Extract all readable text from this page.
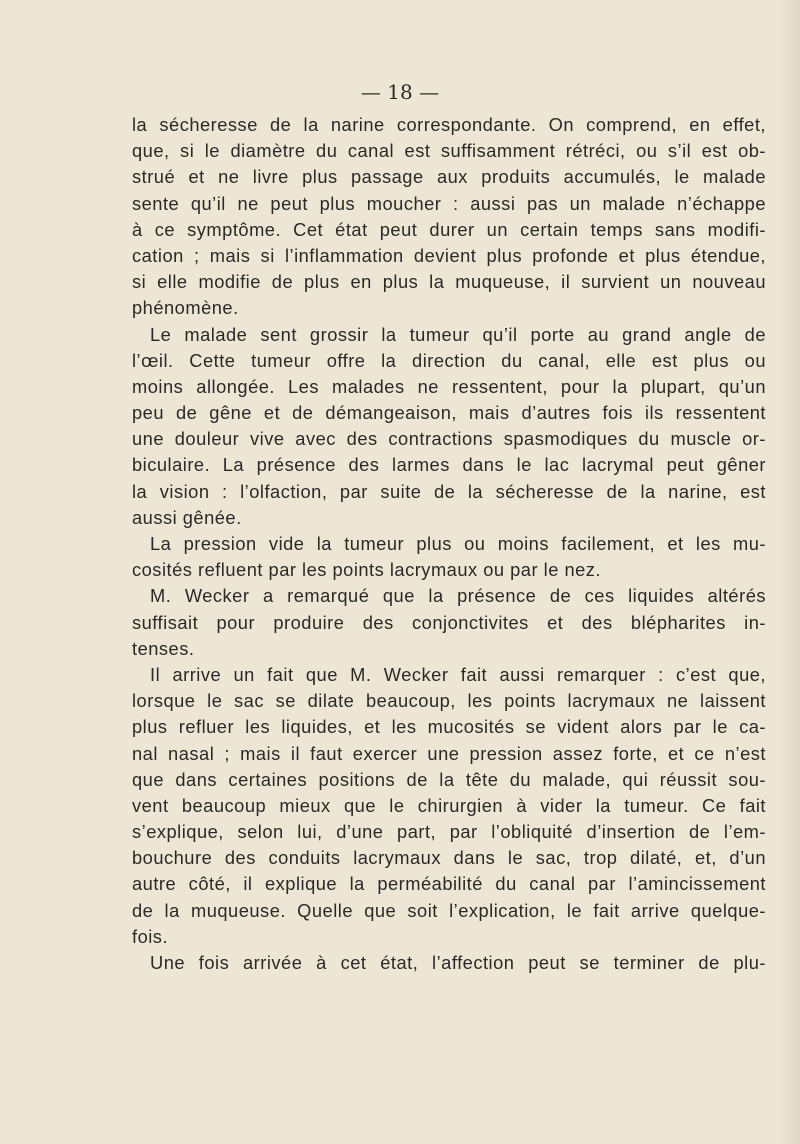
— 18 —
la sécheresse de la narine correspondante. On comprend, en effet,
que, si le diamètre du canal est suffisamment rétréci, ou s’il est ob-
strué et ne livre plus passage aux produits accumulés, le malade
sente qu’il ne peut plus moucher : aussi pas un malade n’échappe
à ce symptôme. Cet état peut durer un certain temps sans modifi-
cation ; mais si l’inflammation devient plus profonde et plus étendue,
si elle modifie de plus en plus la muqueuse, il survient un nouveau
phénomène.
Le malade sent grossir la tumeur qu’il porte au grand angle de
l’œil. Cette tumeur offre la direction du canal, elle est plus ou
moins allongée. Les malades ne ressentent, pour la plupart, qu’un
peu de gêne et de démangeaison, mais d’autres fois ils ressentent
une douleur vive avec des contractions spasmodiques du muscle or-
biculaire. La présence des larmes dans le lac lacrymal peut gêner
la vision : l’olfaction, par suite de la sécheresse de la narine, est
aussi gênée.
La pression vide la tumeur plus ou moins facilement, et les mu-
cosités refluent par les points lacrymaux ou par le nez.
M. Wecker a remarqué que la présence de ces liquides altérés
suffisait pour produire des conjonctivites et des blépharites in-
tenses.
Il arrive un fait que M. Wecker fait aussi remarquer : c’est que,
lorsque le sac se dilate beaucoup, les points lacrymaux ne laissent
plus refluer les liquides, et les mucosités se vident alors par le ca-
nal nasal ; mais il faut exercer une pression assez forte, et ce n’est
que dans certaines positions de la tête du malade, qui réussit sou-
vent beaucoup mieux que le chirurgien à vider la tumeur. Ce fait
s’explique, selon lui, d’une part, par l’obliquité d’insertion de l’em-
bouchure des conduits lacrymaux dans le sac, trop dilaté, et, d’un
autre côté, il explique la perméabilité du canal par l’amincissement
de la muqueuse. Quelle que soit l’explication, le fait arrive quelque-
fois.
Une fois arrivée à cet état, l’affection peut se terminer de plu-
